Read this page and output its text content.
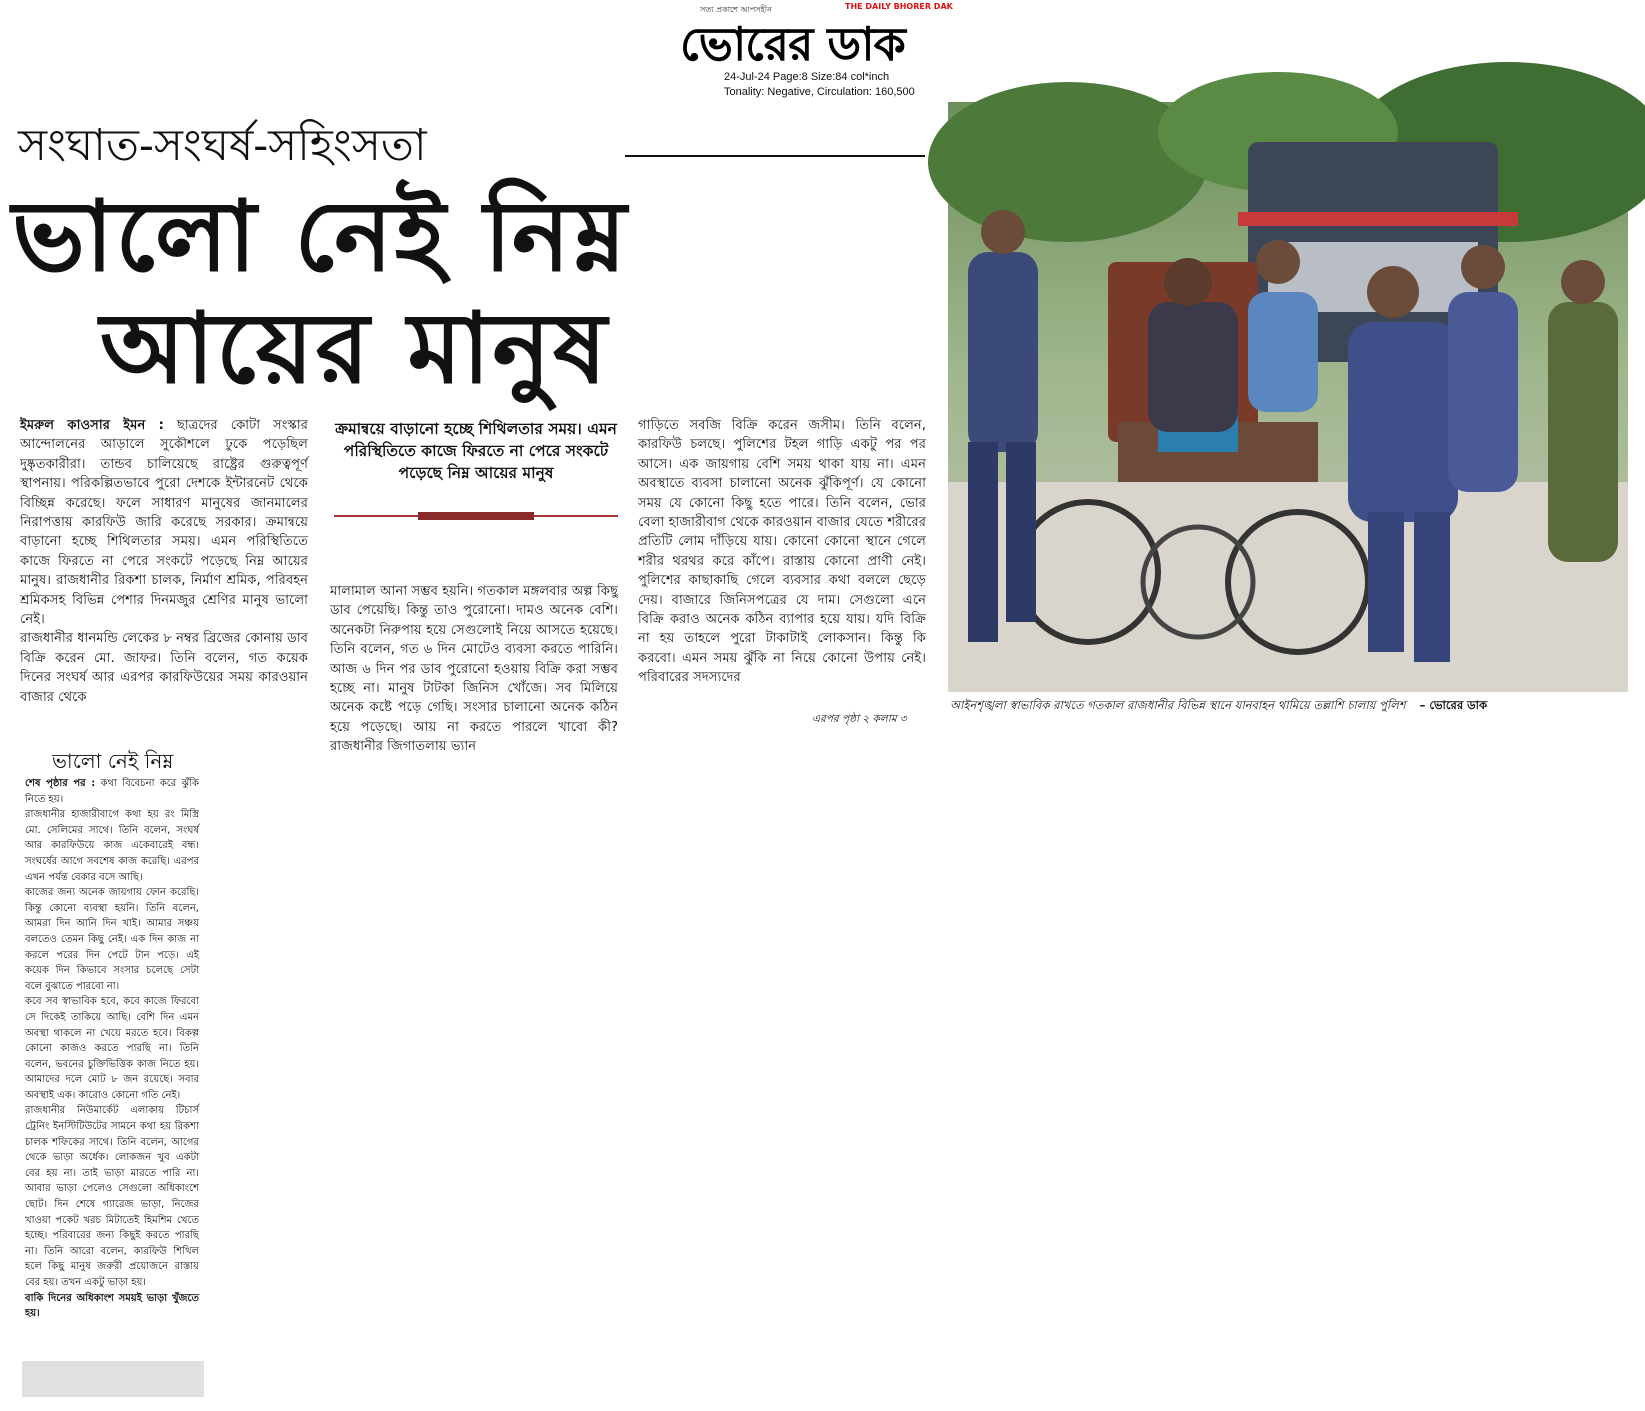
সত্য প্রকাশে আপসহীন	THE DAILY BHORER DAK
ভোরের ডাক
24-Jul-24 Page:8 Size:84 col*inch
Tonality: Negative, Circulation: 160,500
সংঘাত-সংঘর্ষ-সহিংসতা
ভালো নেই নিম্ন
আয়ের মানুষ

ইমরুল কাওসার ইমন : ছাত্রদের কোটা সংস্কার আন্দোলনের আড়ালে সুকৌশলে ঢুকে পড়েছিল দুষ্কৃতকারীরা। তান্ডব চালিয়েছে রাষ্ট্রের গুরুত্বপূর্ণ স্থাপনায়। পরিকল্পিতভাবে পুরো দেশকে ইন্টারনেট থেকে বিচ্ছিন্ন করেছে। ফলে সাধারণ মানুষের জানমালের নিরাপত্তায় কারফিউ জারি করেছে সরকার। ক্রমান্বয়ে বাড়ানো হচ্ছে শিথিলতার সময়। এমন পরিস্থিতিতে কাজে ফিরতে না পেরে সংকটে পড়েছে নিম্ন আয়ের মানুষ। রাজধানীর রিকশা চালক, নির্মাণ শ্রমিক, পরিবহন শ্রমিকসহ বিভিন্ন পেশার দিনমজুর শ্রেণির মানুষ ভালো নেই।

রাজধানীর ধানমন্ডি লেকের ৮ নম্বর ব্রিজের কোনায় ডাব বিক্রি করেন মো. জাফর। তিনি বলেন, গত কয়েক দিনের সংঘর্ষ আর এরপর কারফিউয়ের সময় কারওয়ান বাজার থেকে

ক্রমান্বয়ে বাড়ানো হচ্ছে শিথিলতার সময়। এমন পরিস্থিতিতে কাজে ফিরতে না পেরে সংকটে পড়েছে নিম্ন আয়ের মানুষ

মালামাল আনা সম্ভব হয়নি। গতকাল মঙ্গলবার অল্প কিছু ডাব পেয়েছি। কিন্তু তাও পুরোনো। দামও অনেক বেশি। অনেকটা নিরুপায় হয়ে সেগুলোই নিয়ে আসতে হয়েছে। তিনি বলেন, গত ৬ দিন মোটেও ব্যবসা করতে পারিনি। আজ ৬ দিন পর ডাব পুরোনো হওয়ায় বিক্রি করা সম্ভব হচ্ছে না। মানুষ টাটকা জিনিস খোঁজে। সব মিলিয়ে অনেক কষ্টে পড়ে গেছি। সংসার চালানো অনেক কঠিন হয়ে পড়েছে। আয় না করতে পারলে খাবো কী? রাজধানীর জিগাতলায় ভ্যান

গাড়িতে সবজি বিক্রি করেন জসীম। তিনি বলেন, কারফিউ চলছে। পুলিশের টহল গাড়ি একটু পর পর আসে। এক জায়গায় বেশি সময় থাকা যায় না। এমন অবস্থাতে ব্যবসা চালানো অনেক ঝুঁকিপূর্ণ। যে কোনো সময় যে কোনো কিছু হতে পারে। তিনি বলেন, ভোর বেলা হাজারীবাগ থেকে কারওয়ান বাজার যেতে শরীরের প্রতিটি লোম দাঁড়িয়ে যায়। কোনো কোনো স্থানে গেলে শরীর থরথর করে কাঁপে। রাস্তায় কোনো প্রাণী নেই। পুলিশের কাছাকাছি গেলে ব্যবসার কথা বললে ছেড়ে দেয়। বাজারে জিনিসপত্রের যে দাম। সেগুলো এনে বিক্রি করাও অনেক কঠিন ব্যাপার হয়ে যায়। যদি বিক্রি না হয় তাহলে পুরো টাকাটাই লোকসান। কিন্তু কি করবো। এমন সময় ঝুঁকি না নিয়ে কোনো উপায় নেই। পরিবারের সদস্যদের

এরপর পৃষ্ঠা ২ কলাম ৩
আইনশৃঙ্খলা স্বাভাবিক রাখতে গতকাল রাজধানীর বিভিন্ন স্থানে যানবাহন থামিয়ে তল্লাশি চালায় পুলিশ – ভোরের ডাক
ভালো নেই নিম্ন

শেষ পৃষ্ঠার পর : কথা বিবেচনা করে ঝুঁকি নিতে হয়।

রাজধানীর হাজারীবাগে কথা হয় রং মিস্ত্রি মো. সেলিমের সাথে। তিনি বলেন, সংঘর্ষ আর কারফিউয়ে কাজ একেবারেই বন্ধ। সংঘর্ষের আগে সবশেষ কাজ করেছি। এরপর এখন পর্যন্ত বেকার বসে আছি।

কাজের জন্য অনেক জায়গায় ফোন করেছি। কিন্তু কোনো ব্যবস্থা হয়নি। তিনি বলেন, আমরা দিন আনি দিন খাই। আমার সঞ্চয় বলতেও তেমন কিছু নেই। এক দিন কাজ না করলে পরের দিন পেটে টান পড়ে। এই কয়েক দিন কিভাবে সংসার চলেছে সেটা বলে বুঝাতে পারবো না।

কবে সব স্বাভাবিক হবে, কবে কাজে ফিরবো সে দিকেই তাকিয়ে আছি। বেশি দিন এমন অবস্থা থাকলে না খেয়ে মরতে হবে। বিকল্প কোনো কাজও করতে পারছি না। তিনি বলেন, ভবনের চুক্তিভিত্তিক কাজ নিতে হয়। আমাদের দলে মোট ৮ জন রয়েছে। সবার অবস্থাই এক। কারোও কোনো গতি নেই।

রাজধানীর নিউমার্কেট এলাকায় টিচার্স ট্রেনিং ইনস্টিটিউটের সামনে কথা হয় রিকশা চালক শফিকের সাথে। তিনি বলেন, আগের থেকে ভাড়া অর্ধেক। লোকজন খুব একটা বের হয় না। তাই ভাড়া মারতে পারি না। আবার ভাড়া পেলেও সেগুলো অধিকাংশে ছোট। দিন শেষে গ্যারেজ ভাড়া, নিজের খাওয়া পকেট খরচ মিটাতেই হিমশিম খেতে হচ্ছে। পরিবারের জন্য কিছুই করতে পারছি না। তিনি আরো বলেন, কারফিউ শিথিল হলে কিছু মানুষ জরুরী প্রয়োজনে রাস্তায় বের হয়। তখন একটু ভাড়া হয়।

বাকি দিনের অধিকাংশ সময়ই ভাড়া খুঁজতে হয়।
